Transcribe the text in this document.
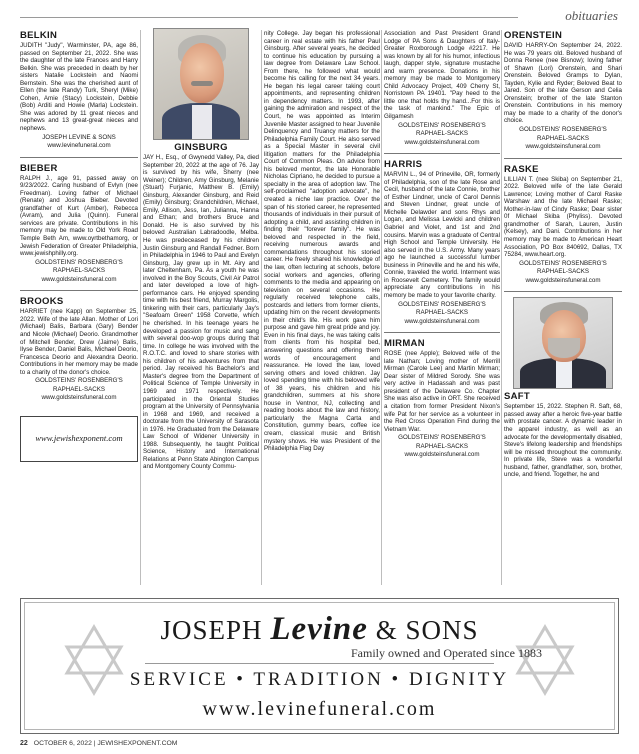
obituaries
BELKIN

JUDITH "Judy", Warminster, PA, age 86, passed on September 21, 2022. She was the daughter of the late Frances and Harry Belkin. She was preceded in death by her sisters Natalie Lockstein and Naomi Bernstein. She was the cherished aunt of Ellen (the late Randy) Turk, Sheryl (Mike) Cohen, Amie (Stacy) Lockstein, Debbie (Bob) Arditi and Howie (Marla) Lockstein. She was adored by 11 great nieces and nephews and 13 great-great nieces and nephews.

JOSEPH LEVINE & SONS
www.levinefuneral.com
BIEBER

RALPH J., age 91, passed away on 9/23/2022. Caring husband of Evlyn (nee Freedman). Loving father of Michael (Renate) and Joshua Bieber. Devoted grandfather of Kurt (Amber), Rebecca (Avram), and Julia (Quinn). Funeral services are private. Contributions in his memory may be made to Old York Road Temple Beth Am, www.oyrtbethamorg, or Jewish Federation of Greater Philadelphia, www.jewishphilly.org.

GOLDSTEINS' ROSENBERG'S
RAPHAEL-SACKS
www.goldsteinsfuneral.com
BROOKS

HARRIET (nee Kapp) on September 25, 2022. Wife of the late Allan. Mother of Lori (Michael) Balis, Barbara (Gary) Bender and Nicole (Michael) Deorio. Grandmother of Mitchell Bender, Drew (Jaime) Balis, Ilyse Bender, Daniel Balis, Michael Deorio, Francesca Deorio and Alexandra Deorio. Contributions in her memory may be made to a charity of the donor's choice.

GOLDSTEINS' ROSENBERG'S
RAPHAEL-SACKS
www.goldsteinsfuneral.com
www.jewishexponent.com
GINSBURG

JAY H., Esq., of Gwynedd Valley, Pa, died September 20, 2022 at the age of 76. Jay is survived by his wife, Sherry (nee Weiner); Children, Amy Ginsburg, Melanie (Stuart) Furjanic, Matthew B. (Emily) Ginsburg, Alexander Ginsburg, and Reid (Emily) Ginsburg; Grandchildren, Michael, Emily, Allison, Jess, Ian, Julianna, Hanna and Ethan; and brothers Bruce and Donald. He is also survived by his beloved Australian Labradoodle, Melba. He was predeceased by his children Justin Ginsburg and Randall Fedner. Born in Philadelphia in 1946 to Paul and Evelyn Ginsburg, Jay grew up in Mt. Airy and later Cheltenham, Pa. As a youth he was involved in the Boy Scouts, Civil Air Patrol and later developed a love of high-performance cars. He enjoyed spending time with his best friend, Murray Margolis, tinkering with their cars, particularly Jay's "Seafoam Green" 1958 Corvette, which he cherished. In his teenage years he developed a passion for music and sang with several doo-wop groups during that time. In college he was involved with the R.O.T.C. and loved to share stories with his children of his adventures from that period. Jay received his Bachelor's and Master's degree from the Department of Political Science of Temple University in 1969 and 1971 respectively. He participated in the Oriental Studies program at the University of Pennsylvania in 1968 and 1969, and received a doctorate from the University of Sarasota in 1976. He Graduated from the Delaware Law School of Widener University in 1988. Subsequently, he taught Political Science, History and International Relations at Penn State Abington Campus and Montgomery County Commu-

nity College. Jay began his professional career in real estate with his father Paul Ginsburg. After several years, he decided to continue his education by pursuing a law degree from Delaware Law School. From there, he followed what would become his calling for the next 34 years. He began his legal career taking court appointments, and representing children in dependency matters. In 1993, after gaining the admiration and respect of the Court, he was appointed as Interim Juvenile Master assigned to hear Juvenile Delinquency and Truancy matters for the Philadelphia Family Court. He also served as a Special Master in several civil litigation matters for the Philadelphia Court of Common Pleas. On advice from his beloved mentor, the late Honorable Nicholas Cipriano, he decided to pursue a specialty in the area of adoption law. The self-proclaimed "adoption advocate", he created a niche law practice. Over the span of his storied career, he represented thousands of individuals in their pursuit of adopting a child, and assisting children in finding their "forever family". He was beloved and respected in the field, receiving numerous awards and commendations throughout his storied career. He freely shared his knowledge of the law, often lecturing at schools, before social workers and agencies, offering comments to the media and appearing on television on several occasions. He regularly received telephone calls, postcards and letters from former clients, updating him on the recent developments in their child's life. His work gave him purpose and gave him great pride and joy. Even in his final days, he was taking calls from clients from his hospital bed, answering questions and offering them words of encouragement and reassurance. He loved the law, loved serving others and loved children. Jay loved spending time with his beloved wife of 38 years, his children and his grandchildren, summers at his shore house in Ventnor, NJ, collecting and reading books about the law and history, particularly the Magna Carta and Constitution, gummy bears, coffee ice cream, classical music and British mystery shows. He was President of the Philadelphia Flag Day

Association and Past President Grand Lodge of PA Sons & Daughters of Italy- Greater Roxborough Lodge #2217. He was known by all for his humor, infectious laugh, dapper style, signature mustache and warm presence. Donations in his memory may be made to Montgomery Child Advocacy Project, 409 Cherry St, Norristown PA 19401. "Pay heed to the little one that holds thy hand...For this is the task of mankind." The Epic of Gilgamesh

GOLDSTEINS' ROSENBERG'S
RAPHAEL-SACKS
www.goldsteinsfuneral.com
HARRIS

MARVIN L., 94 of Prineville, OR, formerly of Philadelphia, son of the late Rose and Cecil, husband of the late Connie, brother of Esther Lindner, uncle of Carol Dennis and Steven Lindner, great uncle of Michelle Delawder and sons Rhys and Logan, and Melissa Lewicki and children Gabriel and Violet, and 1st and 2nd cousins. Marvin was a graduate of Central High School and Temple University. He also served in the U.S. Army. Many years ago he launched a successful lumber business in Prineville and he and his wife, Connie, traveled the world. Interment was in Roosevelt Cemetery. The family would appreciate any contributions in his memory be made to your favorite charity.

GOLDSTEINS' ROSENBERG'S
RAPHAEL-SACKS
www.goldsteinsfuneral.com
MIRMAN

ROSE (nee Apple); Beloved wife of the late Nathan; Loving mother of Merrill Mirman (Carole Lee) and Martin Mirman; Dear sister of Mildred Sorody. She was very active in Hadassah and was past president of the Delaware Co. Chapter She was also active in ORT. She received a citation from former President Nixon's wife Pat for her service as a volunteer in the Red Cross Operation Find during the Vietnam War.

GOLDSTEINS' ROSENBERG'S
RAPHAEL-SACKS
www.goldsteinsfuneral.com
ORENSTEIN

DAVID HARRY-On September 24, 2022. He was 79 years old. Beloved husband of Donna Renee (nee Bisnow); loving father of Shawn (Lori) Orenstein, and Shari Orenstein. Beloved Gramps to Dylan, Tayden, Kylie and Ryder; Beloved Beat to Jared. Son of the late Gerson and Celia Orenstein; brother of the late Stanton Orenstein. Contributions in his memory may be made to a charity of the donor's choice.

GOLDSTEINS' ROSENBERG'S
RAPHAEL-SACKS
www.goldsteinsfuneral.com
RASKE

LILLIAN T. (nee Skiba) on September 21, 2022. Beloved wife of the late Gerald Lawrence; Loving mother of Carol Raske Warshaw and the late Michael Raske; Mother-in-law of Cindy Raske; Dear sister 0f Michael Skiba (Phyliss). Devoted grandmother of Sarah, Lauren, Justin (Kelsey), and Dani. Contributions in her memory may be made to American Heart Association, PO Box 840692, Dallas, TX 75284, www.heart.org.

GOLDSTEINS' ROSENBERG'S
RAPHAEL-SACKS
www.goldsteinsfuneral.com
SAFT

September 15, 2022. Stephen R. Saft, 68, passed away after a heroic five-year battle with prostate cancer. A dynamic leader in the apparel industry, as well as an advocate for the developmentally disabled, Steve's lifelong leadership and friendships will be missed throughout the community. In private life, Steve was a wonderful husband, father, grandfather, son, brother, uncle, and friend. Together, he and

JOSEPH Levine & SONS
Family owned and Operated since 1883
SERVICE • TRADITION • DIGNITY
www.levinefuneral.com
22 OCTOBER 6, 2022 | JEWISHEXPONENT.COM
